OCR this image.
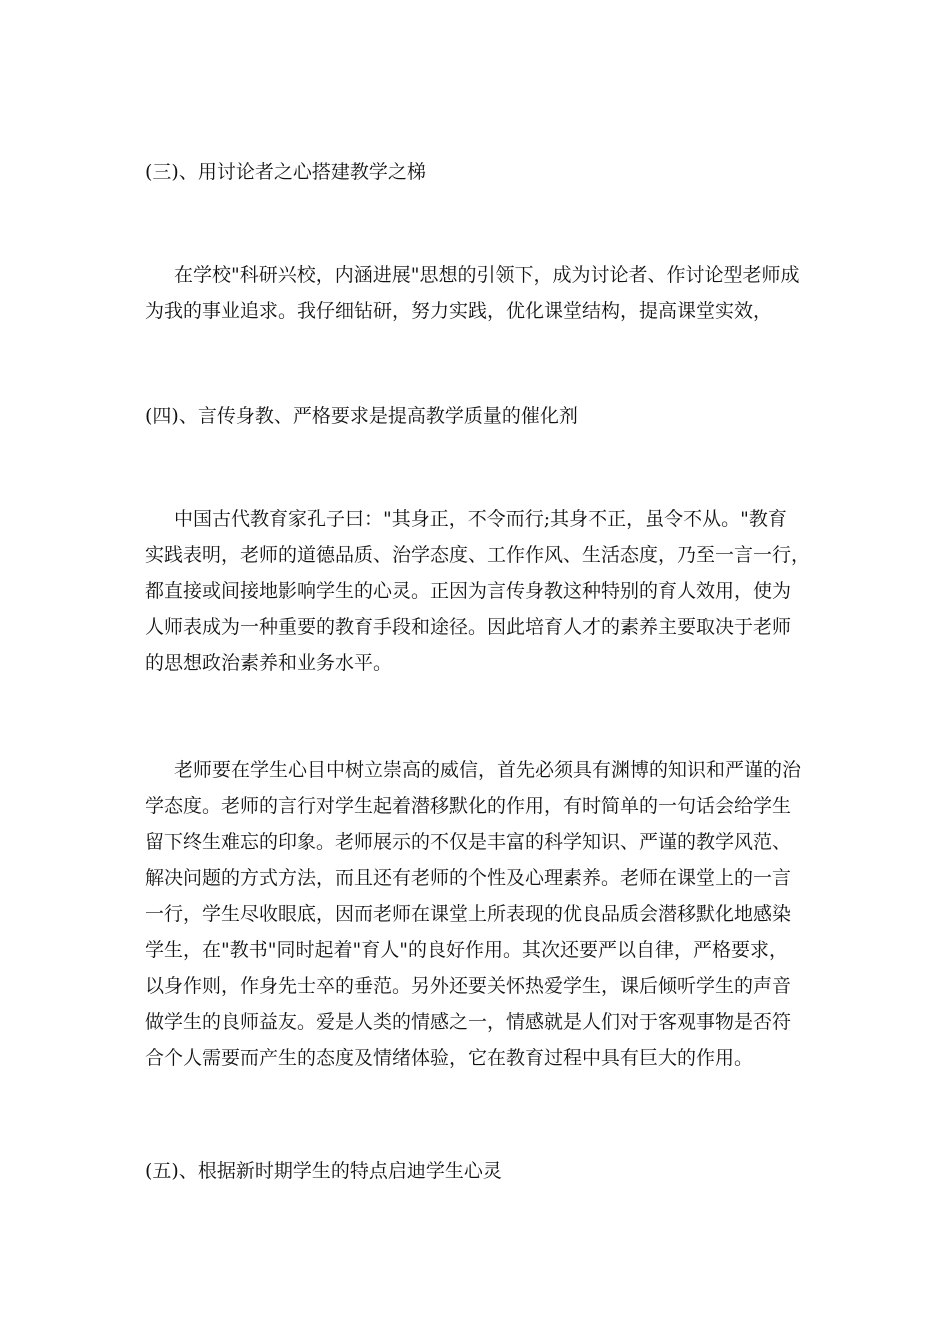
(三)、用讨论者之心搭建教学之梯
在学校"科研兴校，内涵进展"思想的引领下，成为讨论者、作讨论型老师成
为我的事业追求。我仔细钻研，努力实践，优化课堂结构，提高课堂实效，
(四)、言传身教、严格要求是提高教学质量的催化剂
中国古代教育家孔子曰："其身正，不令而行;其身不正，虽令不从。"教育
实践表明，老师的道德品质、治学态度、工作作风、生活态度，乃至一言一行，
都直接或间接地影响学生的心灵。正因为言传身教这种特别的育人效用，使为
人师表成为一种重要的教育手段和途径。因此培育人才的素养主要取决于老师
的思想政治素养和业务水平。
老师要在学生心目中树立崇高的威信，首先必须具有渊博的知识和严谨的治
学态度。老师的言行对学生起着潜移默化的作用，有时简单的一句话会给学生
留下终生难忘的印象。老师展示的不仅是丰富的科学知识、严谨的教学风范、
解决问题的方式方法，而且还有老师的个性及心理素养。老师在课堂上的一言
一行，学生尽收眼底，因而老师在课堂上所表现的优良品质会潜移默化地感染
学生，在"教书"同时起着"育人"的良好作用。其次还要严以自律，严格要求，
以身作则，作身先士卒的垂范。另外还要关怀热爱学生，课后倾听学生的声音
做学生的良师益友。爱是人类的情感之一，情感就是人们对于客观事物是否符
合个人需要而产生的态度及情绪体验，它在教育过程中具有巨大的作用。
(五)、根据新时期学生的特点启迪学生心灵
